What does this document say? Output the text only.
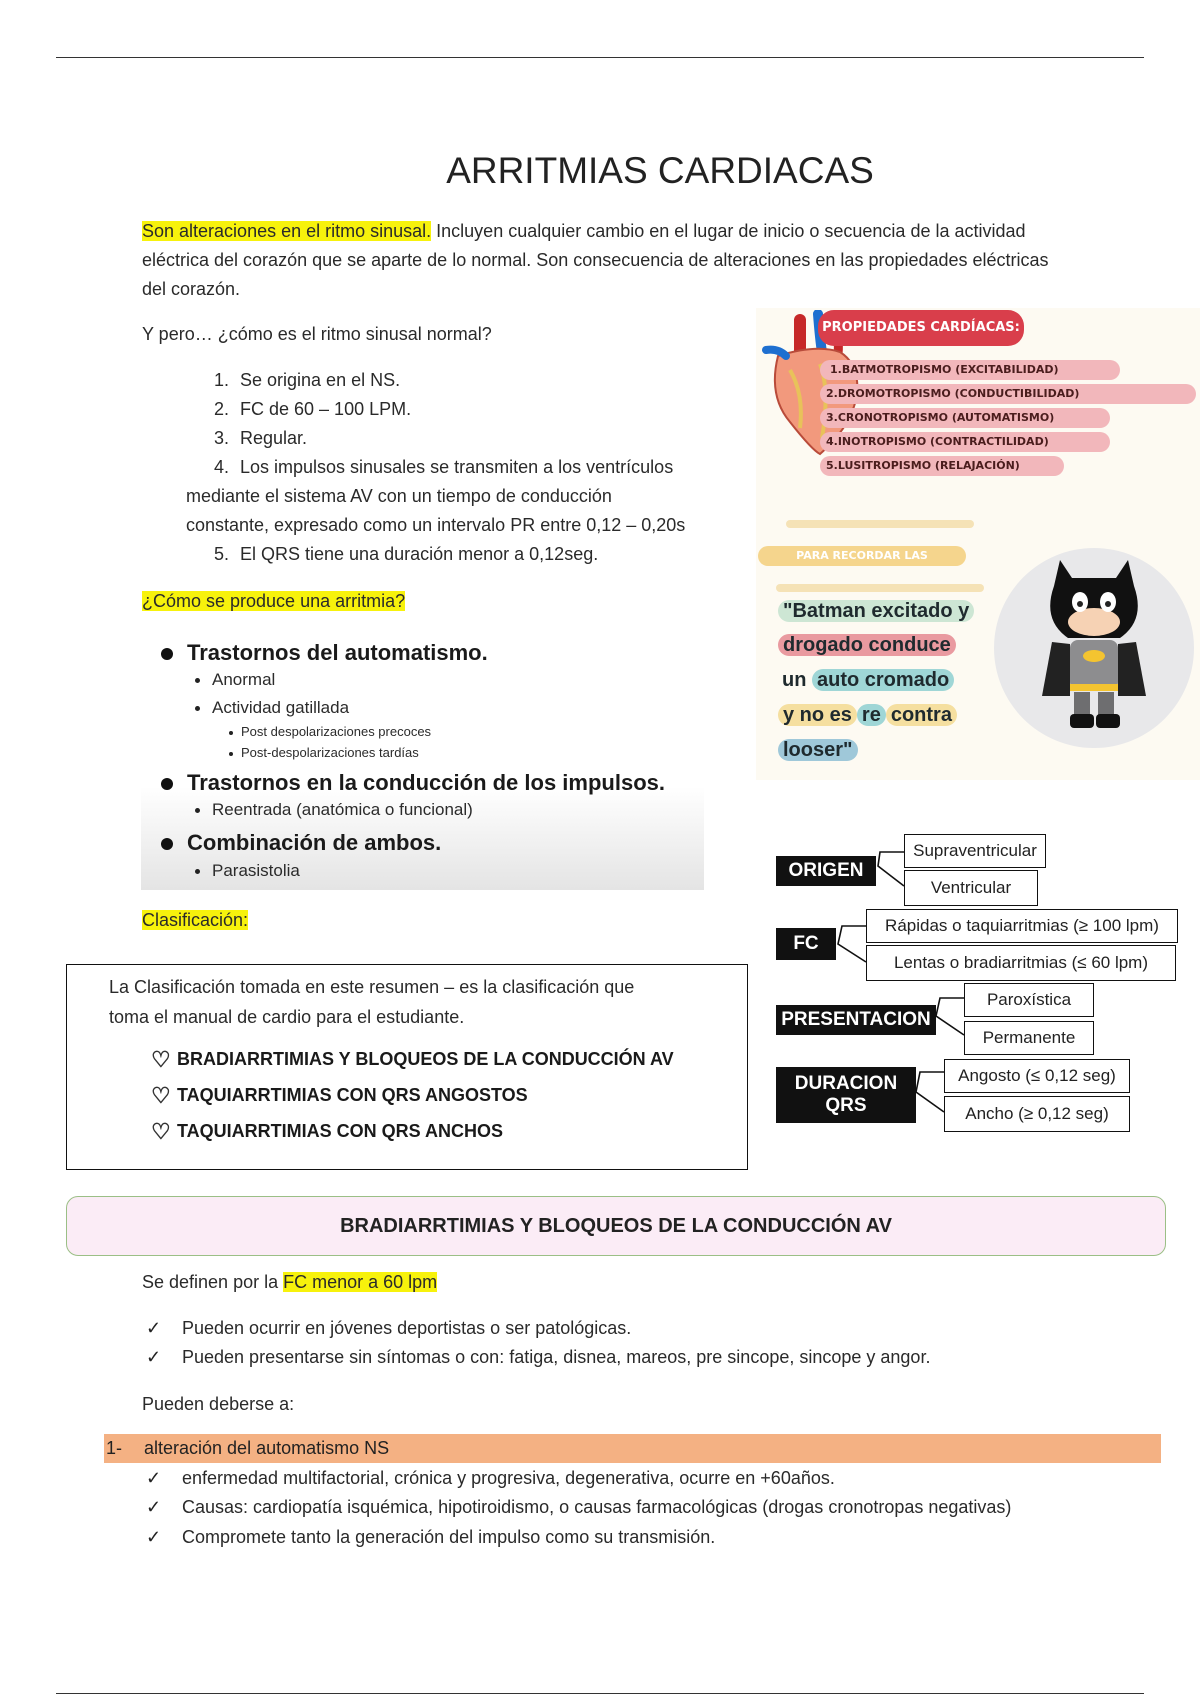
ARRITMIAS CARDIACAS
Son alteraciones en el ritmo sinusal. Incluyen cualquier cambio en el lugar de inicio o secuencia de la actividad
eléctrica del corazón que se aparte de lo normal. Son consecuencia de alteraciones en las propiedades eléctricas
del corazón.
Y pero… ¿cómo es el ritmo sinusal normal?
1. Se origina en el NS.
2. FC de 60 – 100 LPM.
3. Regular.
4. Los impulsos sinusales se transmiten a los ventrículos
mediante el sistema AV con un tiempo de conducción
constante, expresado como un intervalo PR entre 0,12 – 0,20s
5. El QRS tiene una duración menor a 0,12seg.
¿Cómo se produce una arritmia?
Trastornos del automatismo.
Anormal
Actividad gatillada
Post despolarizaciones precoces
Post-despolarizaciones tardías
Trastornos en la conducción de los impulsos.
Reentrada (anatómica o funcional)
Combinación de ambos.
Parasistolia
Clasificación:
La Clasificación tomada en este resumen – es la clasificación que
toma el manual de cardio para el estudiante.
♡ BRADIARRTIMIAS Y BLOQUEOS DE LA CONDUCCIÓN AV
♡ TAQUIARRTIMIAS CON QRS ANGOSTOS
♡ TAQUIARRTIMIAS CON QRS ANCHOS
PROPIEDADES CARDÍACAS:
1.BATMOTROPISMO (EXCITABILIDAD)
2.DROMOTROPISMO (CONDUCTIBILIDAD)
3.CRONOTROPISMO (AUTOMATISMO)
4.INOTROPISMO (CONTRACTILIDAD)
5.LUSITROPISMO (RELAJACIÓN)
PARA RECORDAR LAS
"Batman excitado y
drogado conduce
un auto cromado
y no es re contra
looser"
ORIGEN
Supraventricular
Ventricular
FC
Rápidas o taquiarritmias (≥ 100 lpm)
Lentas o bradiarritmias (≤ 60 lpm)
PRESENTACION
Paroxística
Permanente
DURACION
QRS
Angosto (≤ 0,12 seg)
Ancho (≥ 0,12 seg)
BRADIARRTIMIAS Y BLOQUEOS DE LA CONDUCCIÓN AV
Se definen por la FC menor a 60 lpm
✓ Pueden ocurrir en jóvenes deportistas o ser patológicas.
✓ Pueden presentarse sin síntomas o con: fatiga, disnea, mareos, pre sincope, sincope y angor.
Pueden deberse a:
1- alteración del automatismo NS
✓ enfermedad multifactorial, crónica y progresiva, degenerativa, ocurre en +60años.
✓ Causas: cardiopatía isquémica, hipotiroidismo, o causas farmacológicas (drogas cronotropas negativas)
✓ Compromete tanto la generación del impulso como su transmisión.
